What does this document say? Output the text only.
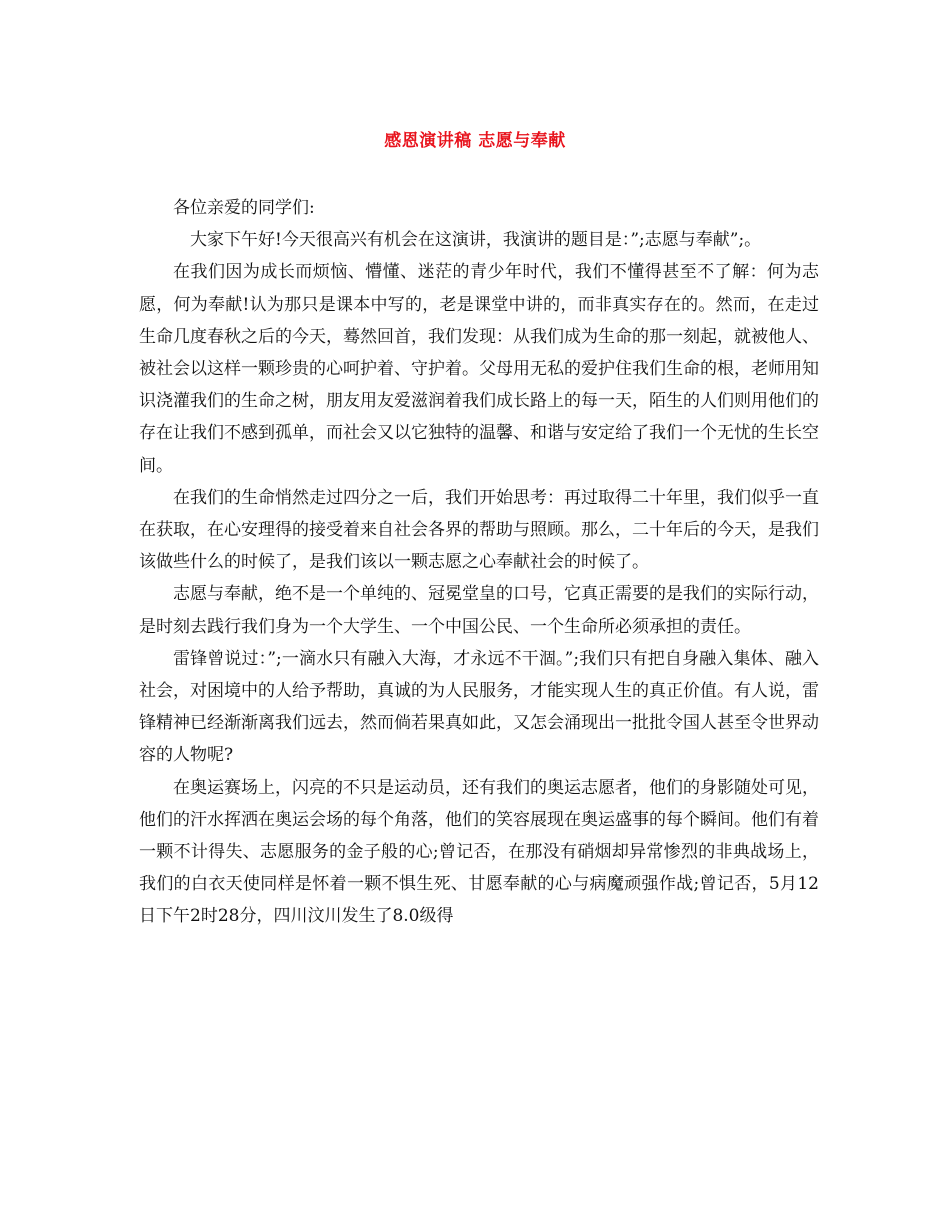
感恩演讲稿 志愿与奉献

各位亲爱的同学们:

大家下午好!今天很高兴有机会在这演讲，我演讲的题目是：”;志愿与奉献”;。

在我们因为成长而烦恼、懵懂、迷茫的青少年时代，我们不懂得甚至不了解：何为志愿，何为奉献!认为那只是课本中写的，老是课堂中讲的，而非真实存在的。然而，在走过生命几度春秋之后的今天，蓦然回首，我们发现：从我们成为生命的那一刻起，就被他人、被社会以这样一颗珍贵的心呵护着、守护着。父母用无私的爱护住我们生命的根，老师用知识浇灌我们的生命之树，朋友用友爱滋润着我们成长路上的每一天，陌生的人们则用他们的存在让我们不感到孤单，而社会又以它独特的温馨、和谐与安定给了我们一个无忧的生长空间。

在我们的生命悄然走过四分之一后，我们开始思考：再过取得二十年里，我们似乎一直在获取，在心安理得的接受着来自社会各界的帮助与照顾。那么，二十年后的今天，是我们该做些什么的时候了，是我们该以一颗志愿之心奉献社会的时候了。

志愿与奉献，绝不是一个单纯的、冠冕堂皇的口号，它真正需要的是我们的实际行动，是时刻去践行我们身为一个大学生、一个中国公民、一个生命所必须承担的责任。

雷锋曾说过：”;一滴水只有融入大海，才永远不干涸。”;我们只有把自身融入集体、融入社会，对困境中的人给予帮助，真诚的为人民服务，才能实现人生的真正价值。有人说，雷锋精神已经渐渐离我们远去，然而倘若果真如此，又怎会涌现出一批批令国人甚至令世界动容的人物呢?

在奥运赛场上，闪亮的不只是运动员，还有我们的奥运志愿者，他们的身影随处可见，他们的汗水挥洒在奥运会场的每个角落，他们的笑容展现在奥运盛事的每个瞬间。他们有着一颗不计得失、志愿服务的金子般的心;曾记否，在那没有硝烟却异常惨烈的非典战场上，我们的白衣天使同样是怀着一颗不惧生死、甘愿奉献的心与病魔顽强作战;曾记否，5月12日下午2时28分，四川汶川发生了8.0级得
